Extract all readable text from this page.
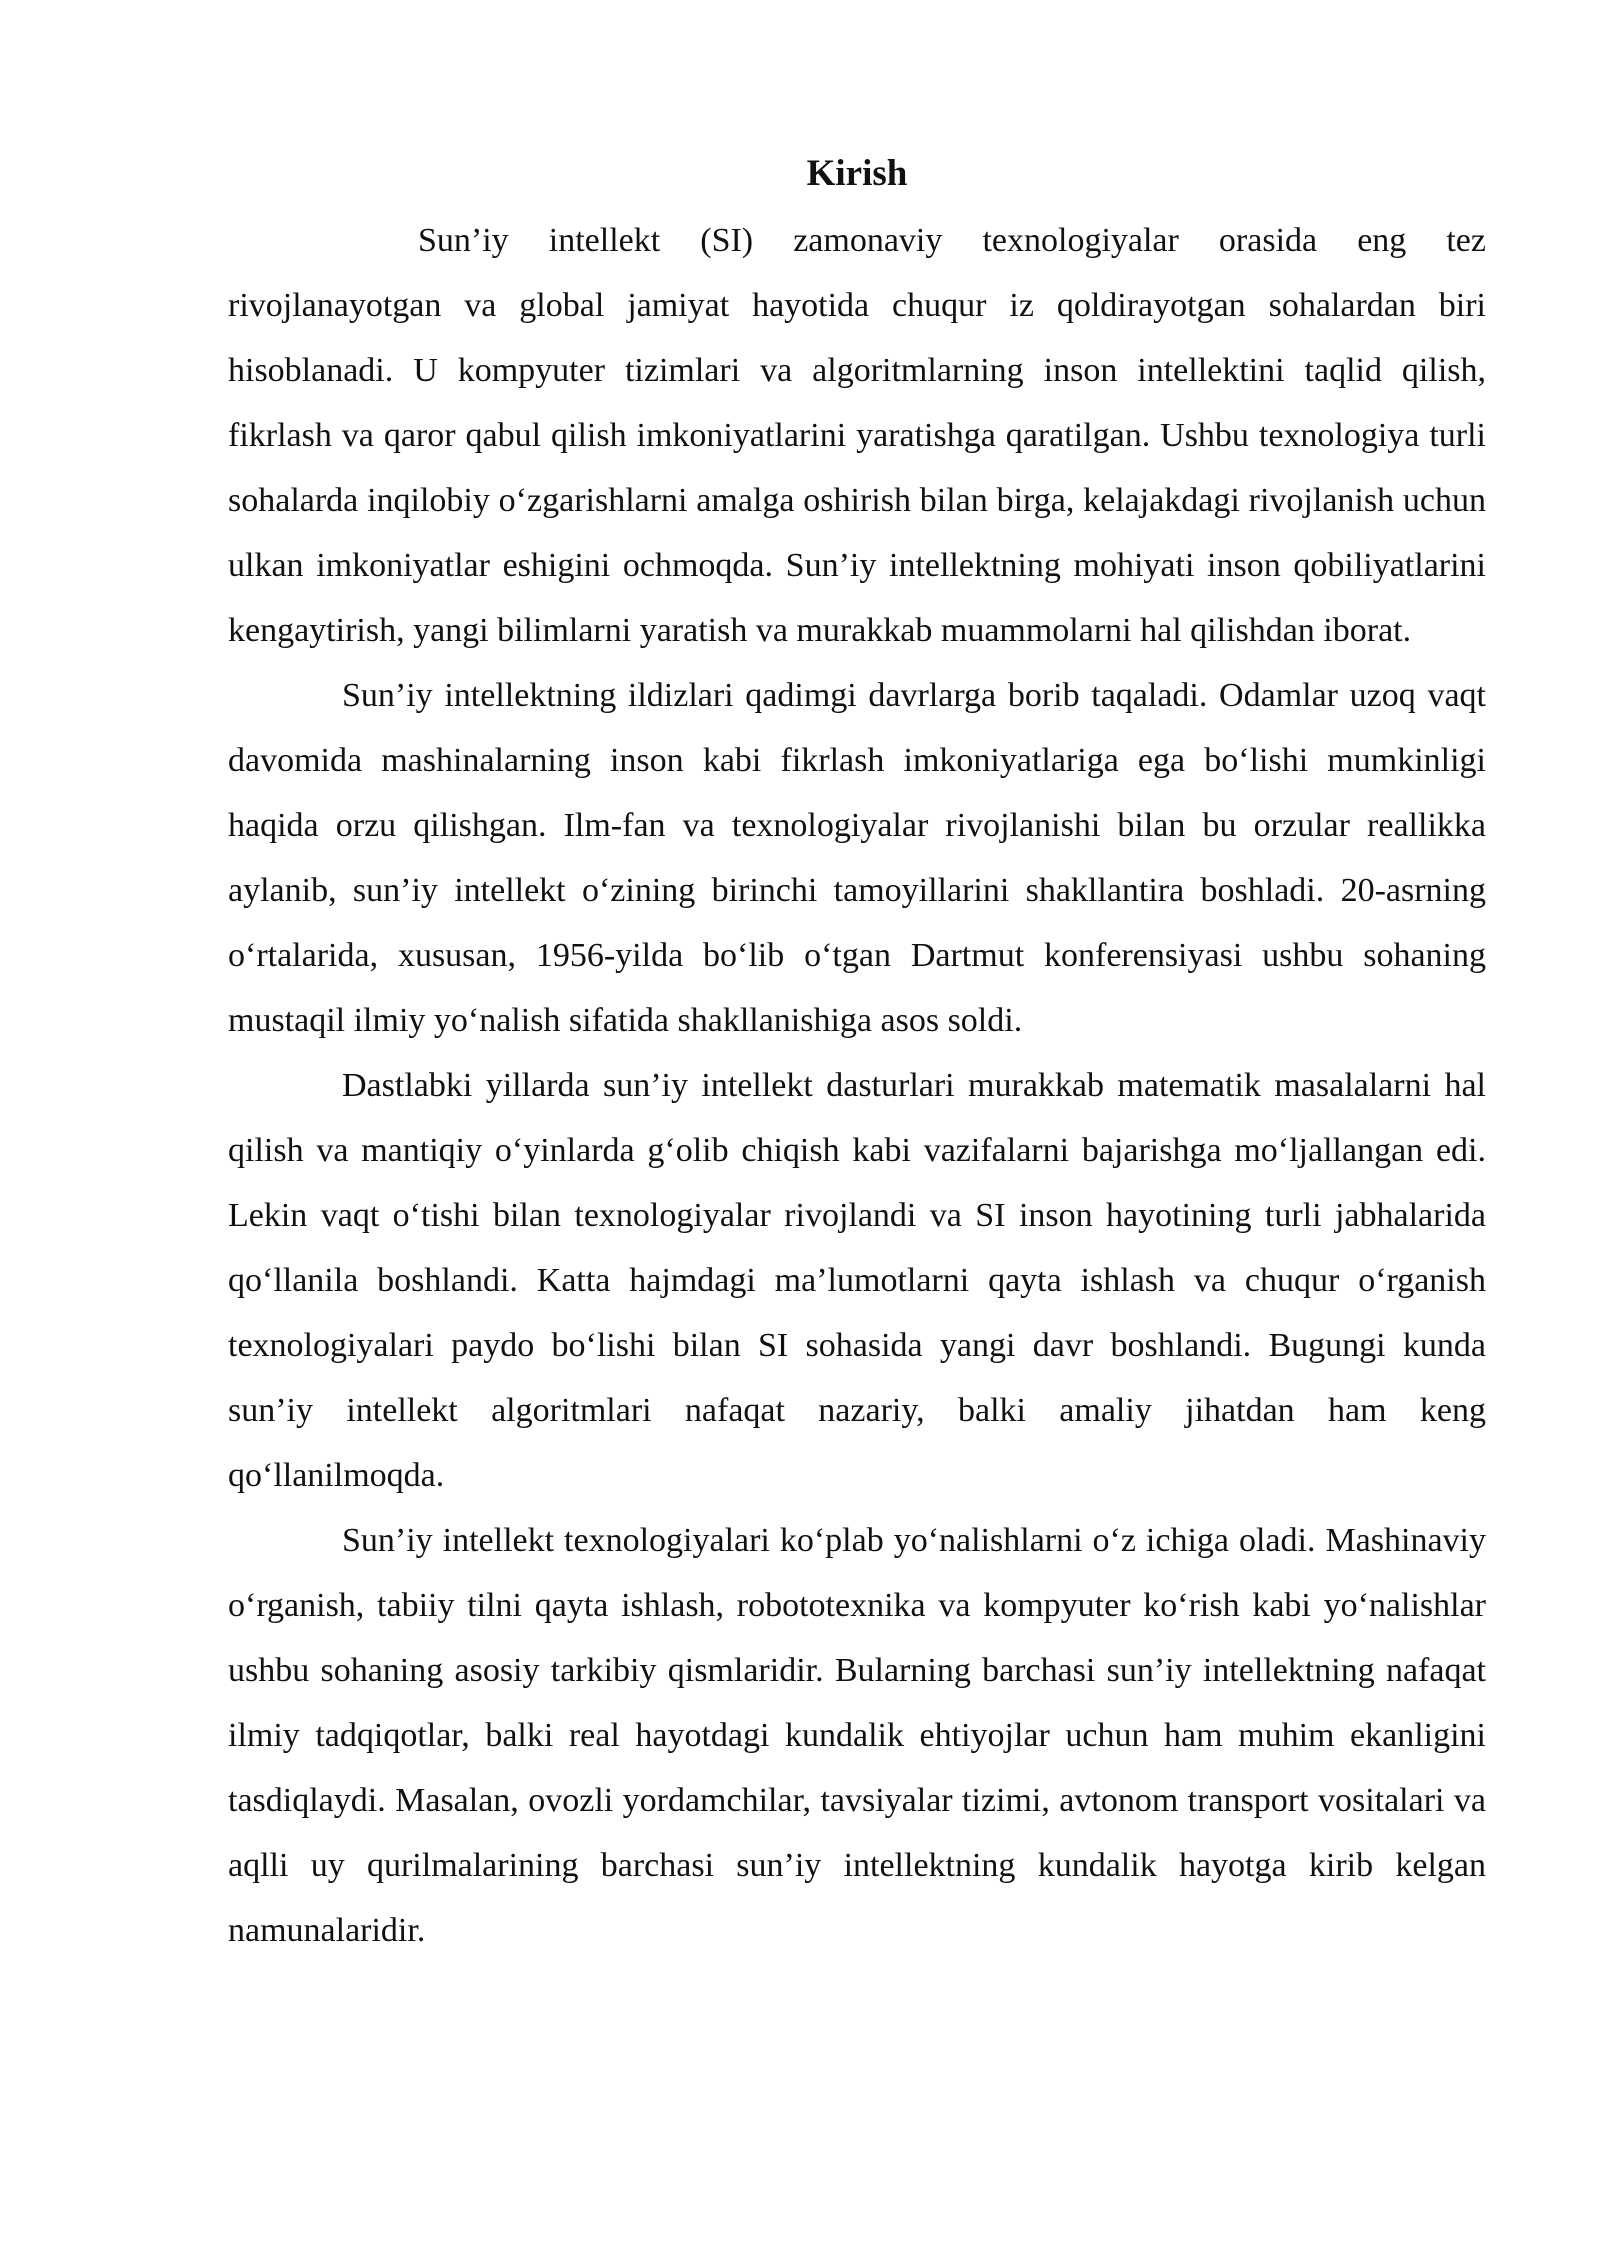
Kirish

Sun’iy intellekt (SI) zamonaviy texnologiyalar orasida eng tez rivojlanayotgan va global jamiyat hayotida chuqur iz qoldirayotgan sohalardan biri hisoblanadi. U kompyuter tizimlari va algoritmlarning inson intellektini taqlid qilish, fikrlash va qaror qabul qilish imkoniyatlarini yaratishga qaratilgan. Ushbu texnologiya turli sohalarda inqilobiy o‘zgarishlarni amalga oshirish bilan birga, kelajakdagi rivojlanish uchun ulkan imkoniyatlar eshigini ochmoqda. Sun’iy intellektning mohiyati inson qobiliyatlarini kengaytirish, yangi bilimlarni yaratish va murakkab muammolarni hal qilishdan iborat.

Sun’iy intellektning ildizlari qadimgi davrlarga borib taqaladi. Odamlar uzoq vaqt davomida mashinalarning inson kabi fikrlash imkoniyatlariga ega bo‘lishi mumkinligi haqida orzu qilishgan. Ilm-fan va texnologiyalar rivojlanishi bilan bu orzular reallikka aylanib, sun’iy intellekt o‘zining birinchi tamoyillarini shakllantira boshladi. 20-asrning o‘rtalarida, xususan, 1956-yilda bo‘lib o‘tgan Dartmut konferensiyasi ushbu sohaning mustaqil ilmiy yo‘nalish sifatida shakllanishiga asos soldi.

Dastlabki yillarda sun’iy intellekt dasturlari murakkab matematik masalalarni hal qilish va mantiqiy o‘yinlarda g‘olib chiqish kabi vazifalarni bajarishga mo‘ljallangan edi. Lekin vaqt o‘tishi bilan texnologiyalar rivojlandi va SI inson hayotining turli jabhalarida qo‘llanila boshlandi. Katta hajmdagi ma’lumotlarni qayta ishlash va chuqur o‘rganish texnologiyalari paydo bo‘lishi bilan SI sohasida yangi davr boshlandi. Bugungi kunda sun’iy intellekt algoritmlari nafaqat nazariy, balki amaliy jihatdan ham keng qo‘llanilmoqda.

Sun’iy intellekt texnologiyalari ko‘plab yo‘nalishlarni o‘z ichiga oladi. Mashinaviy o‘rganish, tabiiy tilni qayta ishlash, robototexnika va kompyuter ko‘rish kabi yo‘nalishlar ushbu sohaning asosiy tarkibiy qismlaridir. Bularning barchasi sun’iy intellektning nafaqat ilmiy tadqiqotlar, balki real hayotdagi kundalik ehtiyojlar uchun ham muhim ekanligini tasdiqlaydi. Masalan, ovozli yordamchilar, tavsiyalar tizimi, avtonom transport vositalari va aqlli uy qurilmalarining barchasi sun’iy intellektning kundalik hayotga kirib kelgan namunalaridir.
